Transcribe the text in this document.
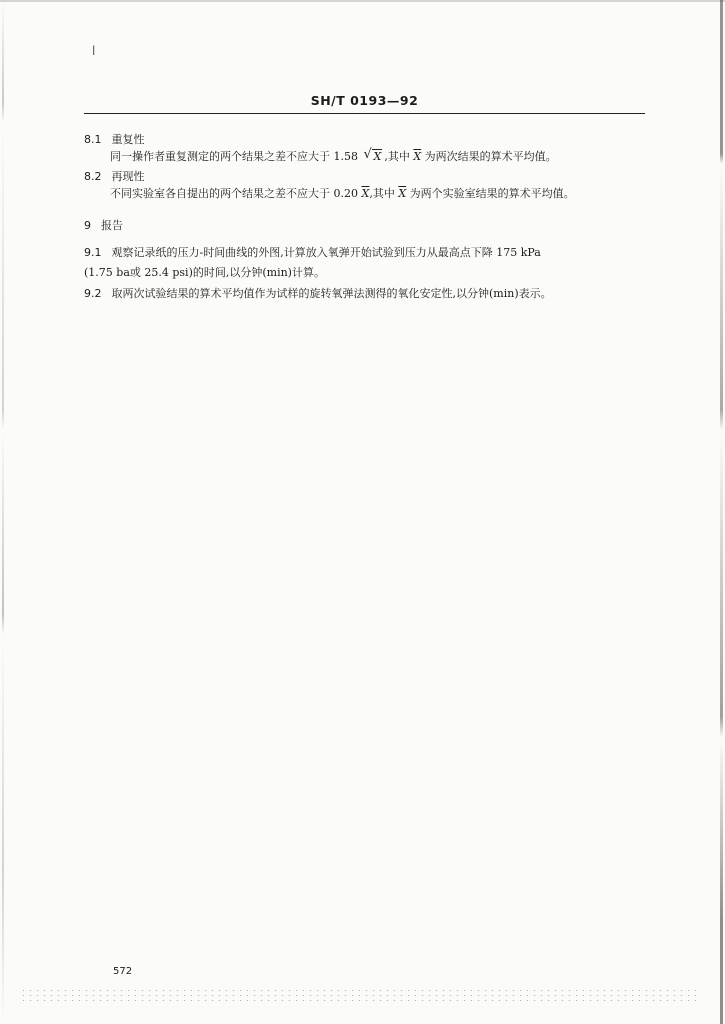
l
SH/T 0193—92
8.1 重复性
同一操作者重复测定的两个结果之差不应大于 1.58 √ X ,其中 $\overline{X}$ 为两次结果的算术平均值。
8.2 再现性
不同实验室各自提出的两个结果之差不应大于 0.20 $\overline{X}$,其中 $\overline{X}$ 为两个实验室结果的算术平均值。
9 报告
9.1 观察记录纸的压力-时间曲线的外图,计算放入氧弹开始试验到压力从最高点下降 175 kPa
(1.75 ba或 25.4 psi)的时间,以分钟(min)计算。
9.2 取两次试验结果的算术平均值作为试样的旋转氧弹法测得的氧化安定性,以分钟(min)表示。
572
